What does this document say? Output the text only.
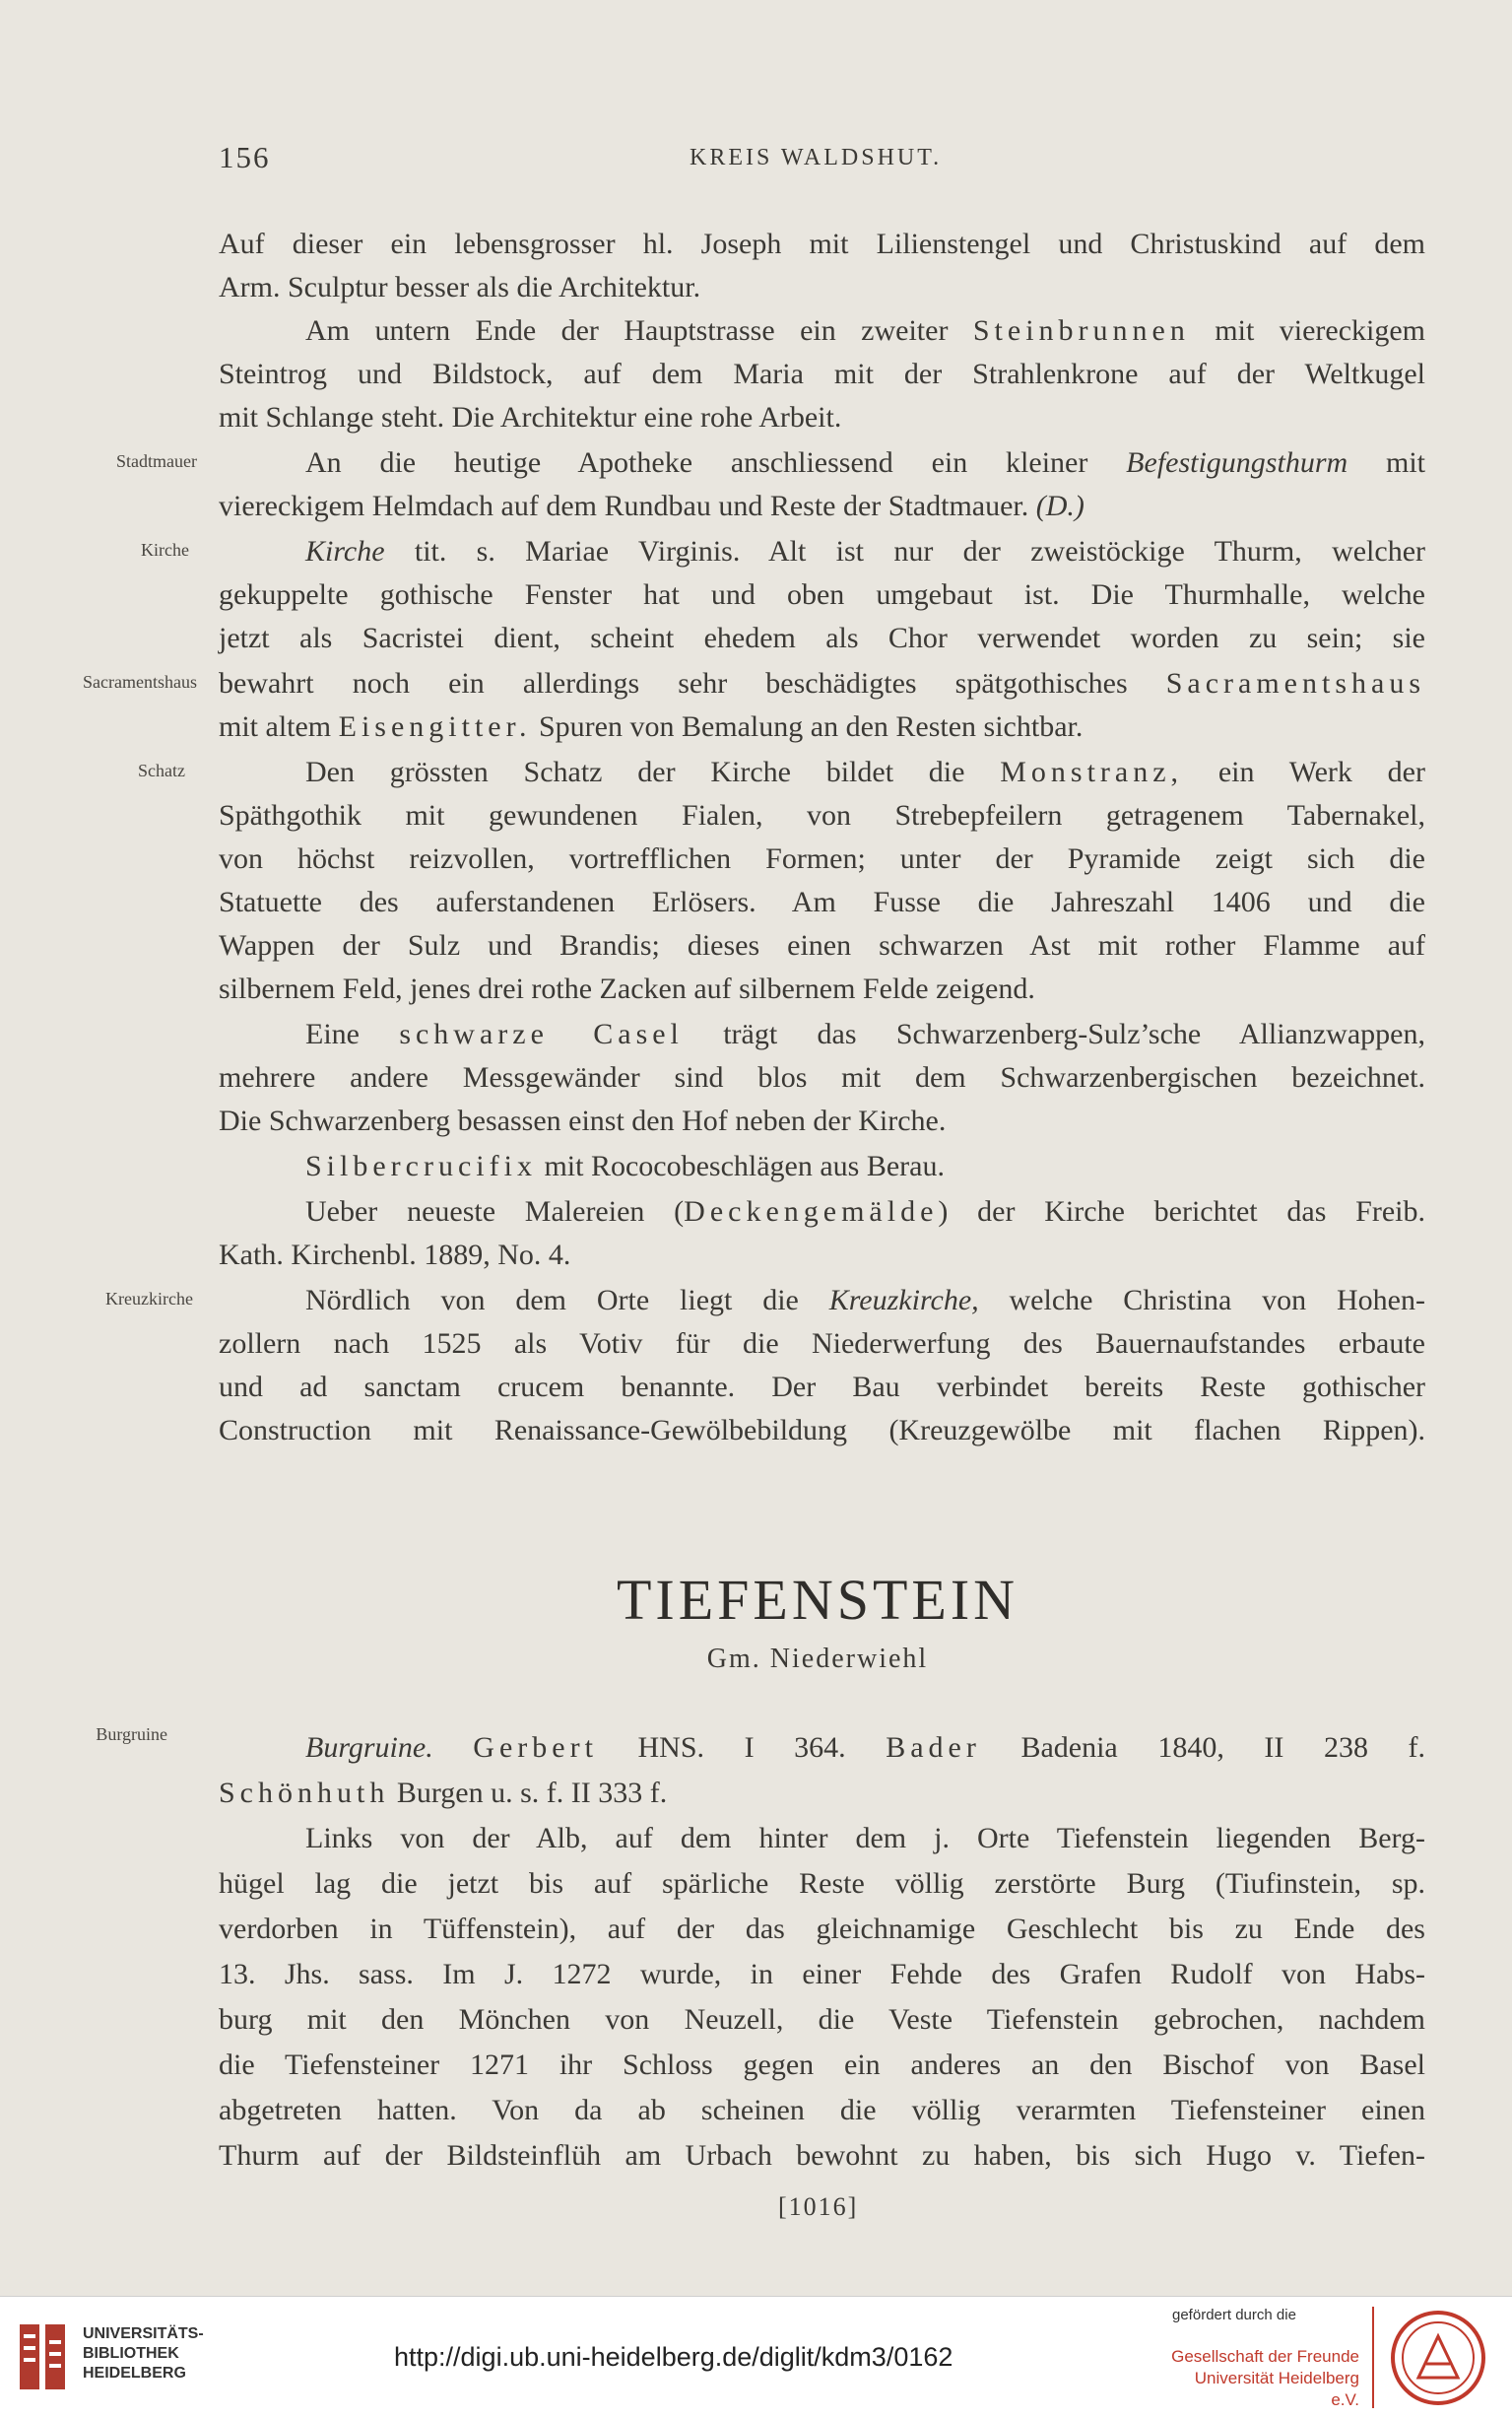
156	KREIS WALDSHUT.
Auf dieser ein lebensgrosser hl. Joseph mit Lilienstengel und Christuskind auf dem
Arm. Sculptur besser als die Architektur.
Am untern Ende der Hauptstrasse ein zweiter Steinbrunnen mit viereckigem
Steintrog und Bildstock, auf dem Maria mit der Strahlenkrone auf der Weltkugel
mit Schlange steht. Die Architektur eine rohe Arbeit.
Stadtmauer	An die heutige Apotheke anschliessend ein kleiner Befestigungsthurm mit
viereckigem Helmdach auf dem Rundbau und Reste der Stadtmauer. (D.)
Kirche	Kirche tit. s. Mariae Virginis. Alt ist nur der zweistöckige Thurm, welcher
gekuppelte gothische Fenster hat und oben umgebaut ist. Die Thurmhalle, welche
jetzt als Sacristei dient, scheint ehedem als Chor verwendet worden zu sein; sie
Sacramentshaus bewahrt noch ein allerdings sehr beschädigtes spätgothisches Sacramentshaus
mit altem Eisengitter. Spuren von Bemalung an den Resten sichtbar.
Schatz	Den grössten Schatz der Kirche bildet die Monstranz, ein Werk der
Späthgothik mit gewundenen Fialen, von Strebepfeilern getragenem Tabernakel,
von höchst reizvollen, vortrefflichen Formen; unter der Pyramide zeigt sich die
Statuette des auferstandenen Erlösers. Am Fusse die Jahreszahl 1406 und die
Wappen der Sulz und Brandis; dieses einen schwarzen Ast mit rother Flamme auf
silbernem Feld, jenes drei rothe Zacken auf silbernem Felde zeigend.
Eine schwarze Casel trägt das Schwarzenberg-Sulz’sche Allianzwappen,
mehrere andere Messgewänder sind blos mit dem Schwarzenbergischen bezeichnet.
Die Schwarzenberg besassen einst den Hof neben der Kirche.
Silbercrucifix mit Rococobeschlägen aus Berau.
Ueber neueste Malereien (Deckengemälde) der Kirche berichtet das Freib.
Kath. Kirchenbl. 1889, No. 4.
Kreuzkirche	Nördlich von dem Orte liegt die Kreuzkirche, welche Christina von Hohen-
zollern nach 1525 als Votiv für die Niederwerfung des Bauernaufstandes erbaute
und ad sanctam crucem benannte. Der Bau verbindet bereits Reste gothischer
Construction mit Renaissance-Gewölbebildung (Kreuzgewölbe mit flachen Rippen).
TIEFENSTEIN
Gm. Niederwiehl
Burgruine	Burgruine. Gerbert HNS. I 364. Bader Badenia 1840, II 238 f.
Schönhuth Burgen u. s. f. II 333 f.
Links von der Alb, auf dem hinter dem j. Orte Tiefenstein liegenden Berg-
hügel lag die jetzt bis auf spärliche Reste völlig zerstörte Burg (Tiufinstein, sp.
verdorben in Tüffenstein), auf der das gleichnamige Geschlecht bis zu Ende des
13. Jhs. sass. Im J. 1272 wurde, in einer Fehde des Grafen Rudolf von Habs-
burg mit den Mönchen von Neuzell, die Veste Tiefenstein gebrochen, nachdem
die Tiefensteiner 1271 ihr Schloss gegen ein anderes an den Bischof von Basel
abgetreten hatten. Von da ab scheinen die völlig verarmten Tiefensteiner einen
Thurm auf der Bildsteinflüh am Urbach bewohnt zu haben, bis sich Hugo v. Tiefen-
[1016]
UNIVERSITÄTS-
BIBLIOTHEK
HEIDELBERG
http://digi.ub.uni-heidelberg.de/diglit/kdm3/0162
gefördert durch die
Gesellschaft der Freunde
Universität Heidelberg e.V.
